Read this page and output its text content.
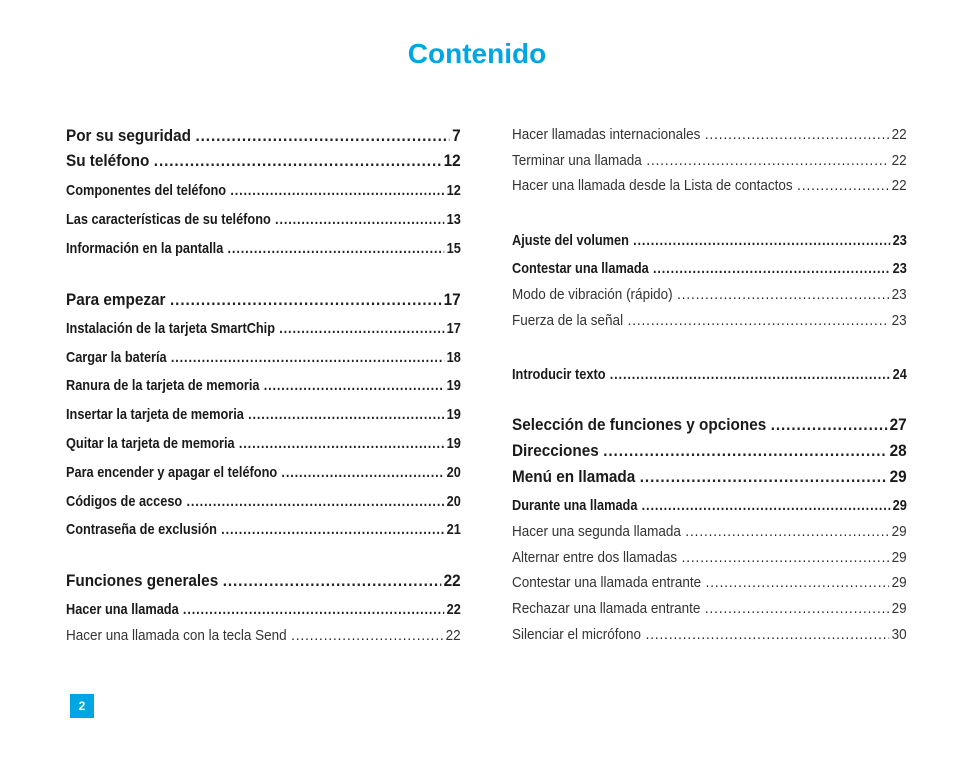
Contenido
Por su seguridad .....	7
Su teléfono .....	12
Componentes del teléfono .....	12
Las características de su teléfono .....	13
Información en la pantalla .....	15
Para empezar .....	17
Instalación de la tarjeta SmartChip .....	17
Cargar la batería .....	18
Ranura de la tarjeta de memoria .....	19
Insertar la tarjeta de memoria .....	19
Quitar la tarjeta de memoria .....	19
Para encender y apagar el teléfono .....	20
Códigos de acceso .....	20
Contraseña de exclusión .....	21
Funciones generales .....	22
Hacer una llamada .....	22
Hacer una llamada con la tecla Send .....	22
Hacer llamadas internacionales .....	22
Terminar una llamada .....	22
Hacer una llamada desde la Lista de contactos .....	22
Ajuste del volumen .....	23
Contestar una llamada .....	23
Modo de vibración (rápido) .....	23
Fuerza de la señal .....	23
Introducir texto .....	24
Selección de funciones y opciones .....	27
Direcciones .....	28
Menú en llamada .....	29
Durante una llamada .....	29
Hacer una segunda llamada .....	29
Alternar entre dos llamadas .....	29
Contestar una llamada entrante .....	29
Rechazar una llamada entrante .....	29
Silenciar el micrófono .....	30
2
